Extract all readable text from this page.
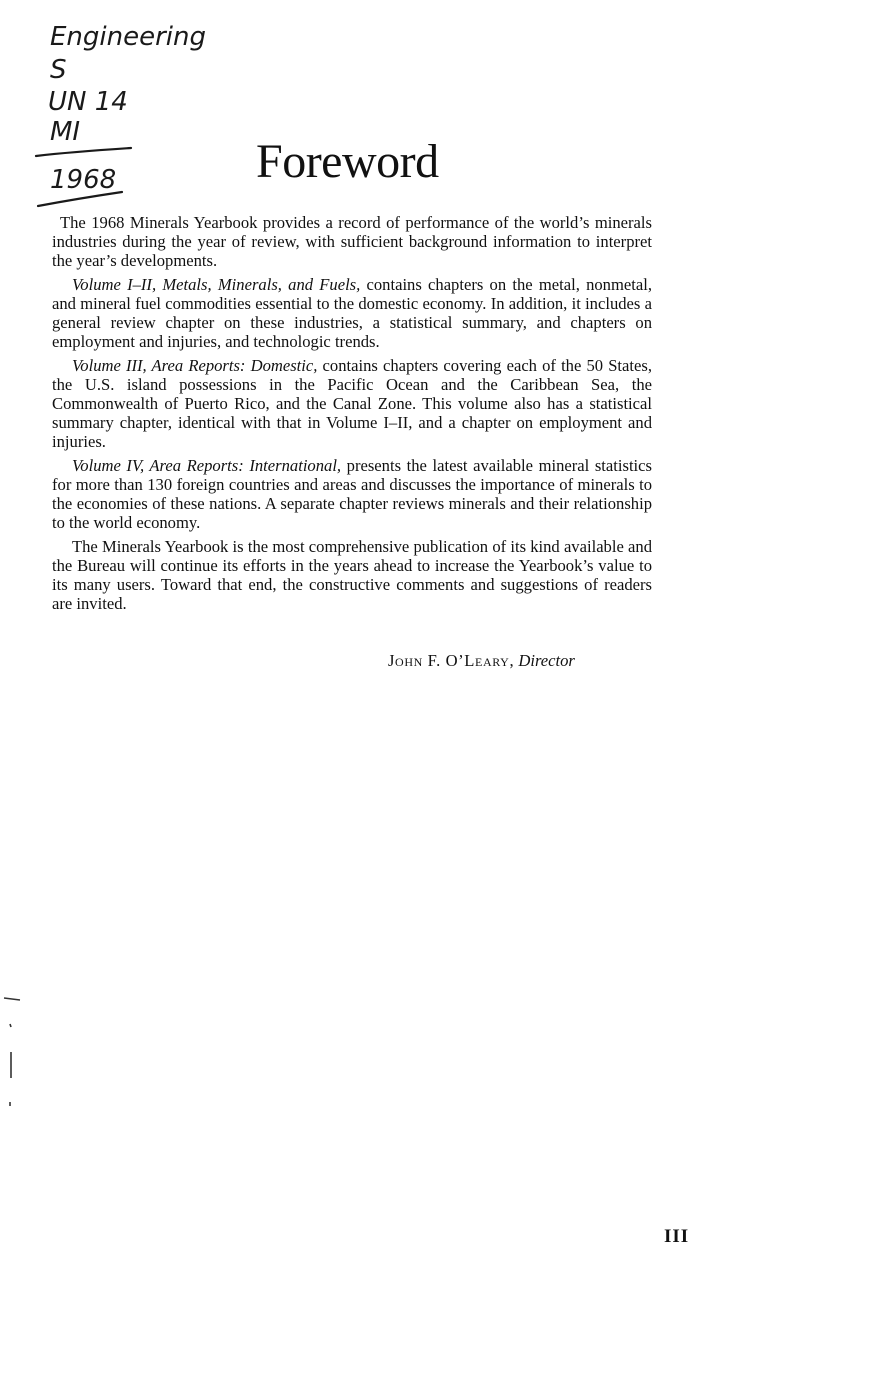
Engineering
S
UN 14
MI
1968	Foreword

The 1968 Minerals Yearbook provides a record of performance of the world’s minerals industries during the year of review, with sufficient background information to interpret the year’s developments.

Volume I–II, Metals, Minerals, and Fuels, contains chapters on the metal, nonmetal, and mineral fuel commodities essential to the domestic economy. In addition, it includes a general review chapter on these industries, a statistical summary, and chapters on employment and injuries, and technologic trends.

Volume III, Area Reports: Domestic, contains chapters covering each of the 50 States, the U.S. island possessions in the Pacific Ocean and the Caribbean Sea, the Commonwealth of Puerto Rico, and the Canal Zone. This volume also has a statistical summary chapter, identical with that in Volume I–II, and a chapter on employment and injuries.

Volume IV, Area Reports: International, presents the latest available mineral statistics for more than 130 foreign countries and areas and discusses the importance of minerals to the economies of these nations. A separate chapter reviews minerals and their relationship to the world economy.

The Minerals Yearbook is the most comprehensive publication of its kind available and the Bureau will continue its efforts in the years ahead to increase the Yearbook’s value to its many users. Toward that end, the constructive comments and suggestions of readers are invited.

John F. O’Leary, Director
III
